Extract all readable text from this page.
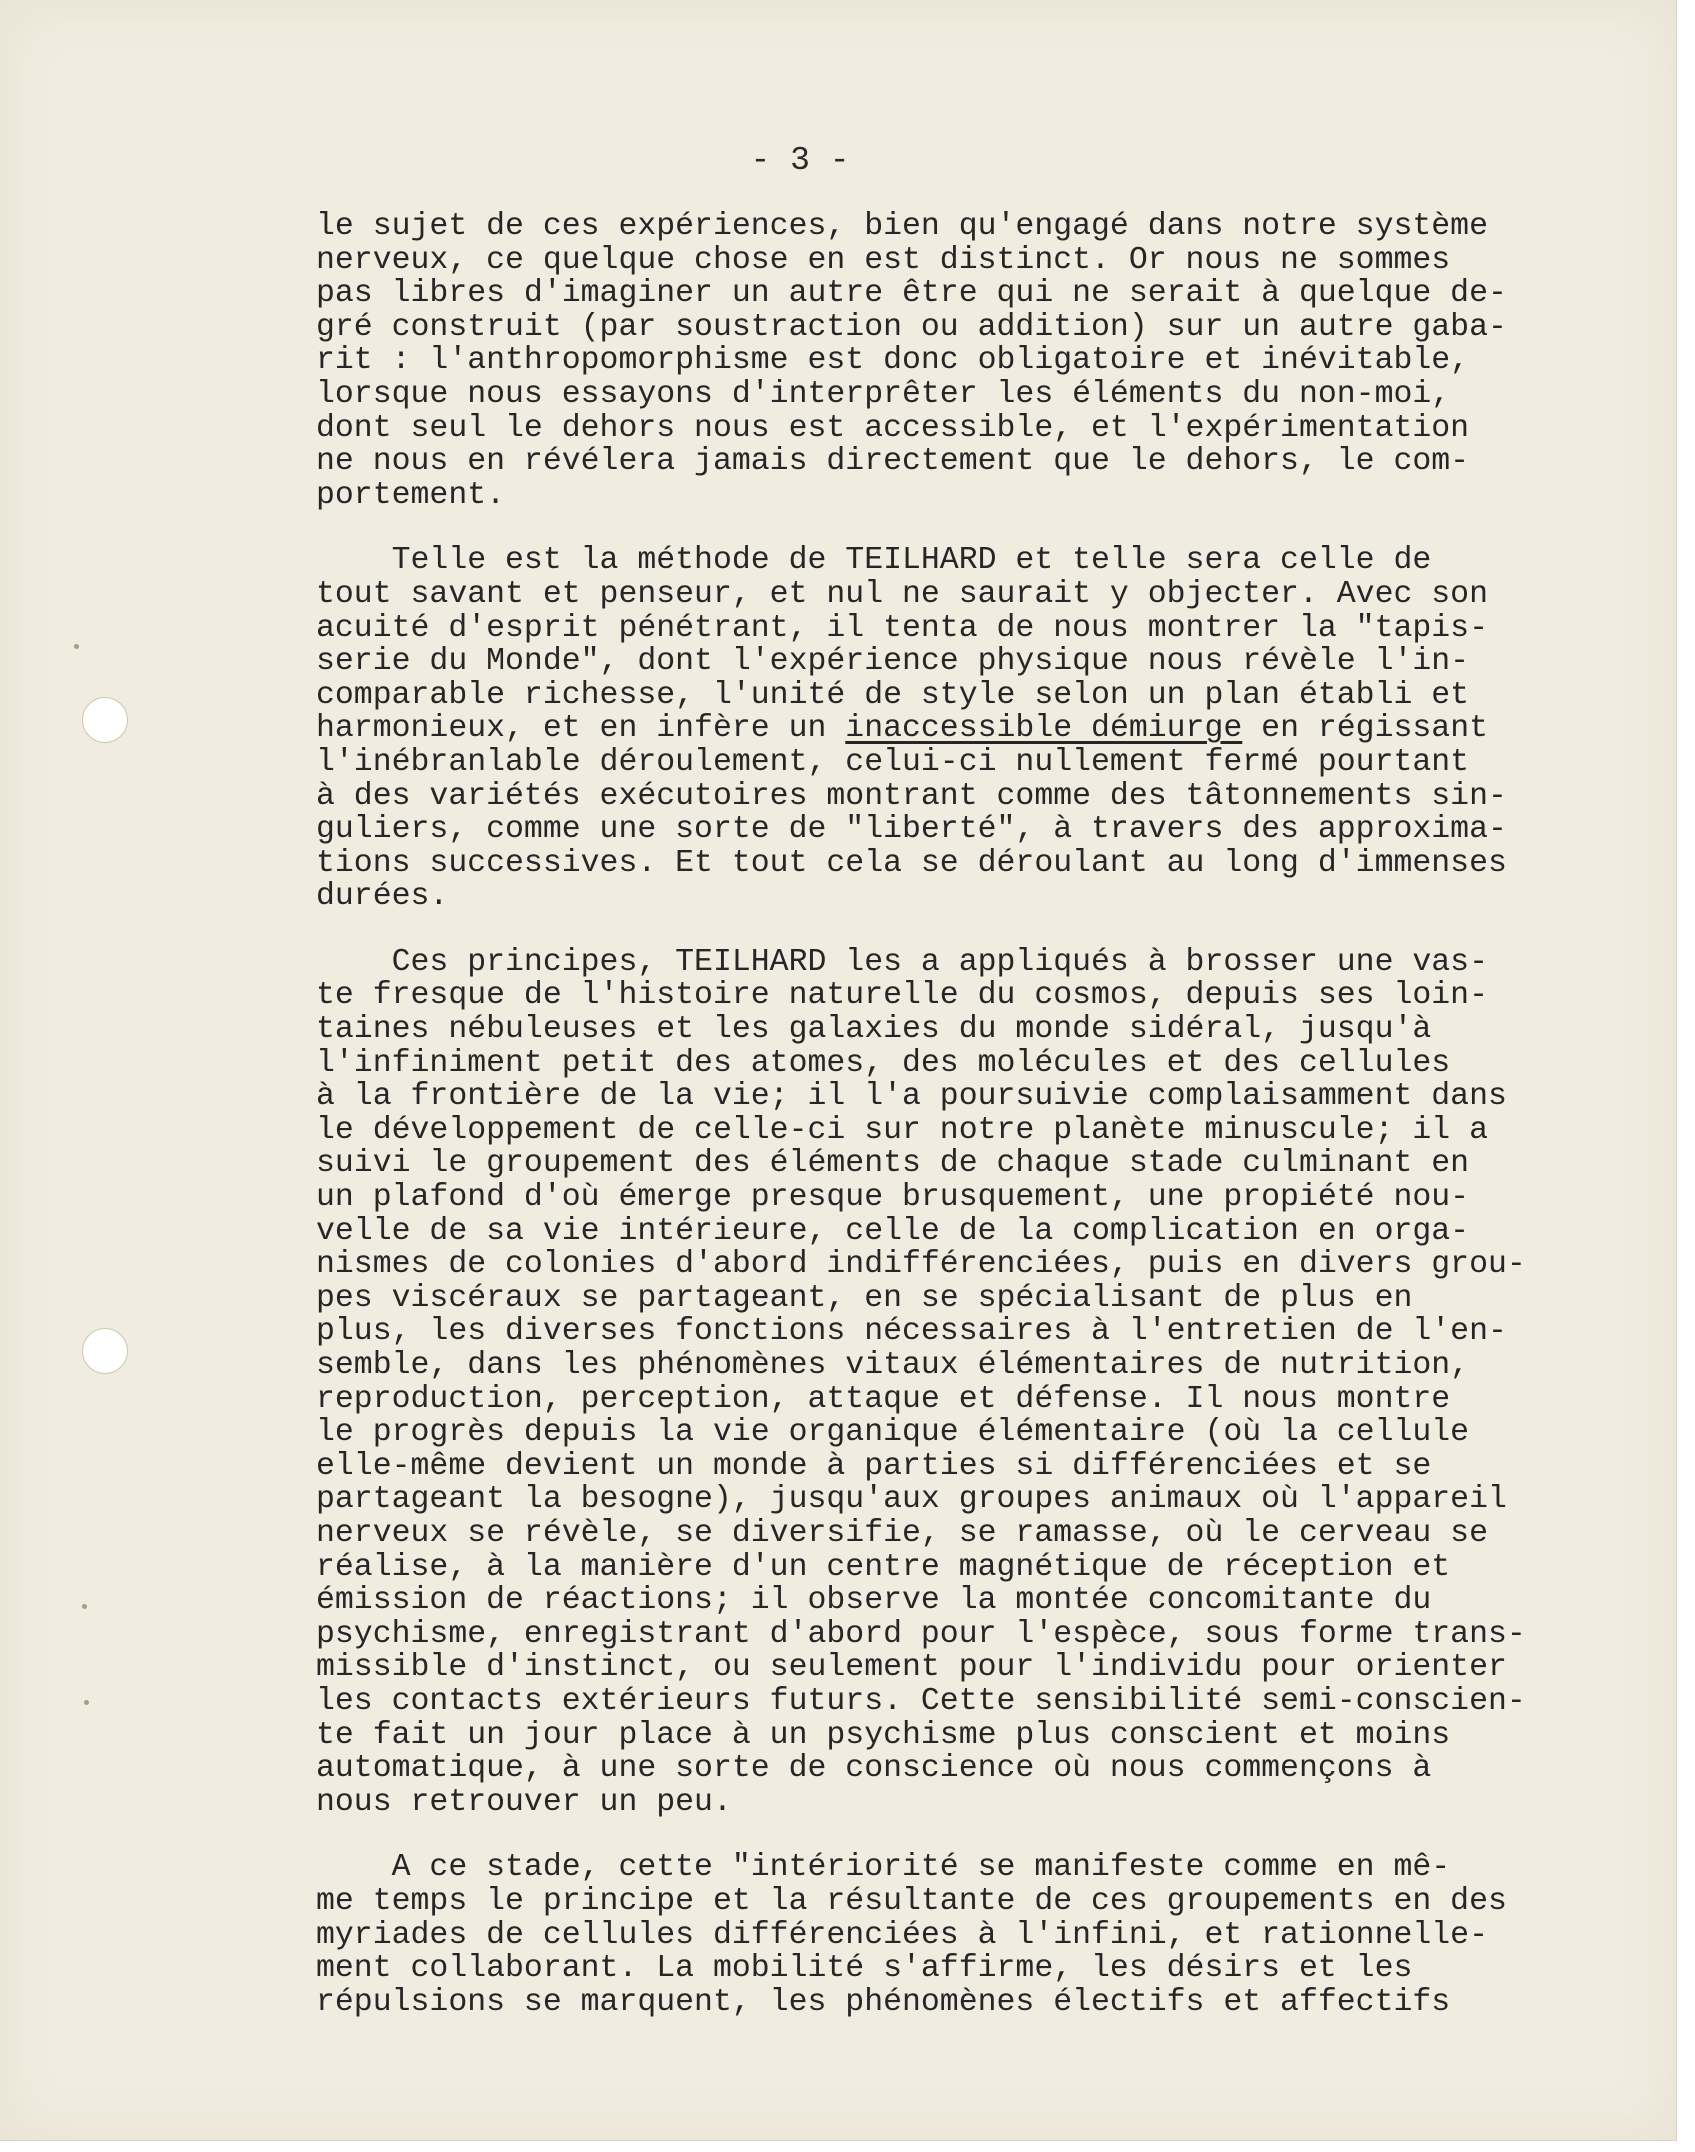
- 3 -
le sujet de ces expériences, bien qu'engagé dans notre système
nerveux, ce quelque chose en est distinct. Or nous ne sommes
pas libres d'imaginer un autre être qui ne serait à quelque de-
gré construit (par soustraction ou addition) sur un autre gaba-
rit : l'anthropomorphisme est donc obligatoire et inévitable,
lorsque nous essayons d'interprêter les éléments du non-moi,
dont seul le dehors nous est accessible, et l'expérimentation
ne nous en révélera jamais directement que le dehors, le com-
portement.
Telle est la méthode de TEILHARD et telle sera celle de
tout savant et penseur, et nul ne saurait y objecter. Avec son
acuité d'esprit pénétrant, il tenta de nous montrer la "tapis-
serie du Monde", dont l'expérience physique nous révèle l'in-
comparable richesse, l'unité de style selon un plan établi et
harmonieux, et en infère un inaccessible démiurge en régissant
l'inébranlable déroulement, celui-ci nullement fermé pourtant
à des variétés exécutoires montrant comme des tâtonnements sin-
guliers, comme une sorte de "liberté", à travers des approxima-
tions successives. Et tout cela se déroulant au long d'immenses
durées.
Ces principes, TEILHARD les a appliqués à brosser une vas-
te fresque de l'histoire naturelle du cosmos, depuis ses loin-
taines nébuleuses et les galaxies du monde sidéral, jusqu'à
l'infiniment petit des atomes, des molécules et des cellules
à la frontière de la vie; il l'a poursuivie complaisamment dans
le développement de celle-ci sur notre planète minuscule; il a
suivi le groupement des éléments de chaque stade culminant en
un plafond d'où émerge presque brusquement, une propiété nou-
velle de sa vie intérieure, celle de la complication en orga-
nismes de colonies d'abord indifférenciées, puis en divers grou-
pes viscéraux se partageant, en se spécialisant de plus en
plus, les diverses fonctions nécessaires à l'entretien de l'en-
semble, dans les phénomènes vitaux élémentaires de nutrition,
reproduction, perception, attaque et défense. Il nous montre
le progrès depuis la vie organique élémentaire (où la cellule
elle-même devient un monde à parties si différenciées et se
partageant la besogne), jusqu'aux groupes animaux où l'appareil
nerveux se révèle, se diversifie, se ramasse, où le cerveau se
réalise, à la manière d'un centre magnétique de réception et
émission de réactions; il observe la montée concomitante du
psychisme, enregistrant d'abord pour l'espèce, sous forme trans-
missible d'instinct, ou seulement pour l'individu pour orienter
les contacts extérieurs futurs. Cette sensibilité semi-conscien-
te fait un jour place à un psychisme plus conscient et moins
automatique, à une sorte de conscience où nous commençons à
nous retrouver un peu.
A ce stade, cette "intériorité se manifeste comme en mê-
me temps le principe et la résultante de ces groupements en des
myriades de cellules différenciées à l'infini, et rationnelle-
ment collaborant. La mobilité s'affirme, les désirs et les
répulsions se marquent, les phénomènes électifs et affectifs
